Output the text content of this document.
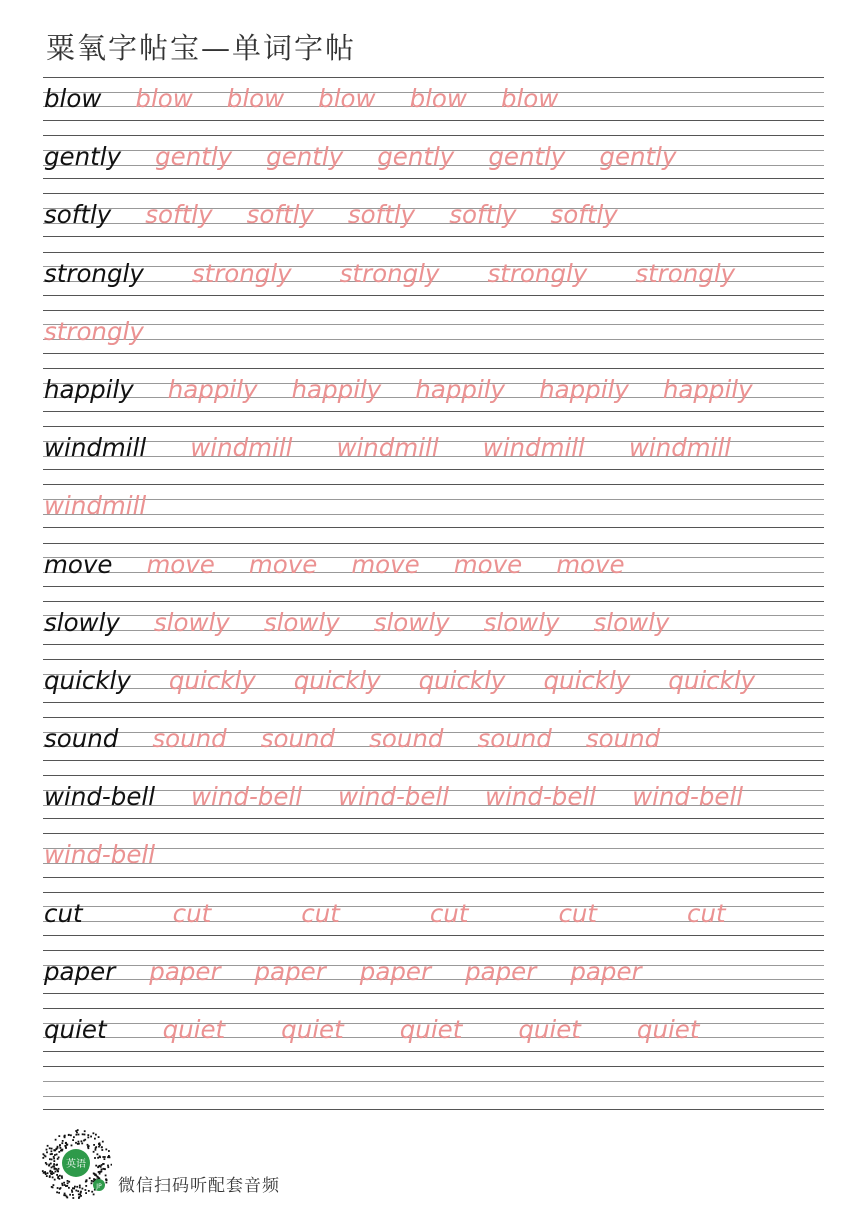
粟氧字帖宝—单词字帖
blow blow blow blow blow blow
gently gently gently gently gently gently
softly softly softly softly softly softly
strongly strongly strongly strongly strongly
strongly
happily happily happily happily happily happily
windmill windmill windmill windmill windmill
windmill
move move move move move move
slowly slowly slowly slowly slowly slowly
quickly quickly quickly quickly quickly quickly
sound sound sound sound sound sound
wind-bell wind-bell wind-bell wind-bell wind-bell
wind-bell
cut	cut	cut	cut	cut	cut
paper paper paper paper paper paper
quiet quiet quiet quiet quiet quiet
英语
JP 微信扫码听配套音频
